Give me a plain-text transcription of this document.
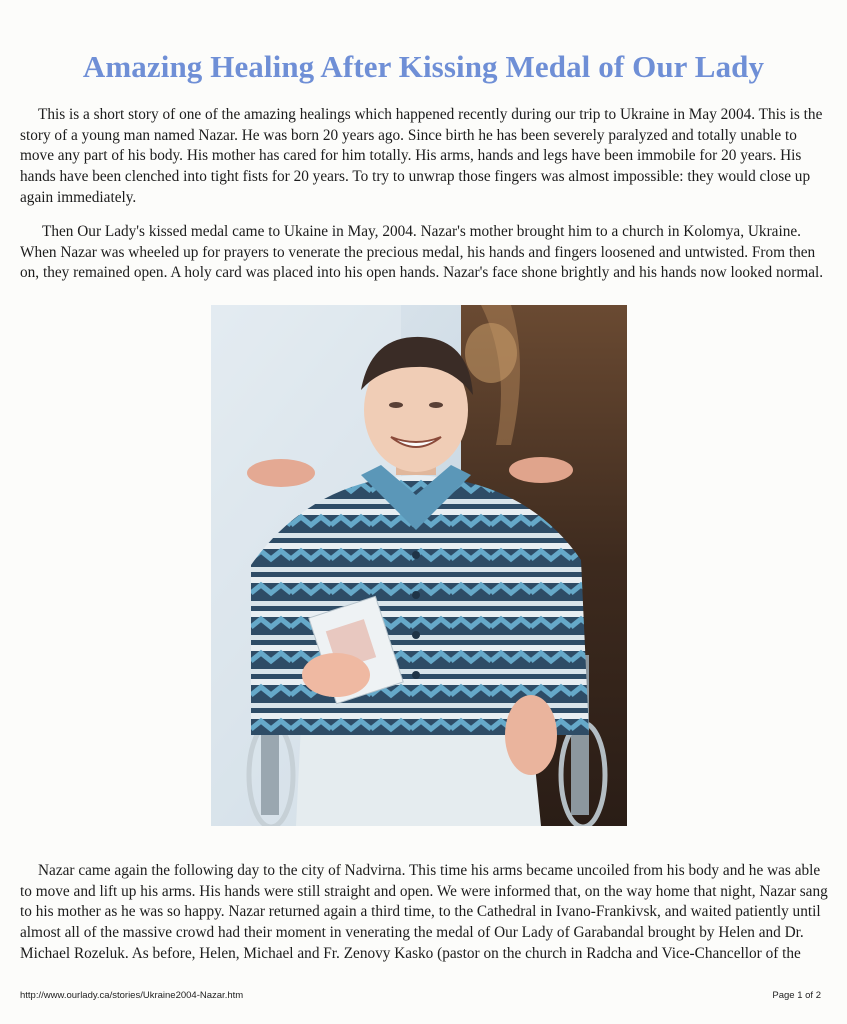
Amazing Healing After Kissing Medal of Our Lady

This is a short story of one of the amazing healings which happened recently during our trip to Ukraine in May 2004. This is the story of a young man named Nazar. He was born 20 years ago. Since birth he has been severely paralyzed and totally unable to move any part of his body. His mother has cared for him totally. His arms, hands and legs have been immobile for 20 years. His hands have been clenched into tight fists for 20 years. To try to unwrap those fingers was almost impossible: they would close up again immediately.

Then Our Lady's kissed medal came to Ukaine in May, 2004. Nazar's mother brought him to a church in Kolomya, Ukraine. When Nazar was wheeled up for prayers to venerate the precious medal, his hands and fingers loosened and untwisted. From then on, they remained open. A holy card was placed into his open hands. Nazar's face shone brightly and his hands now looked normal.

Nazar came again the following day to the city of Nadvirna. This time his arms became uncoiled from his body and he was able to move and lift up his arms. His hands were still straight and open. We were informed that, on the way home that night, Nazar sang to his mother as he was so happy. Nazar returned again a third time, to the Cathedral in Ivano-Frankivsk, and waited patiently until almost all of the massive crowd had their moment in venerating the medal of Our Lady of Garabandal brought by Helen and Dr. Michael Rozeluk. As before, Helen, Michael and Fr. Zenovy Kasko (pastor on the church in Radcha and Vice-Chancellor of the

http://www.ourlady.ca/stories/Ukraine2004-Nazar.htm	Page 1 of 2
